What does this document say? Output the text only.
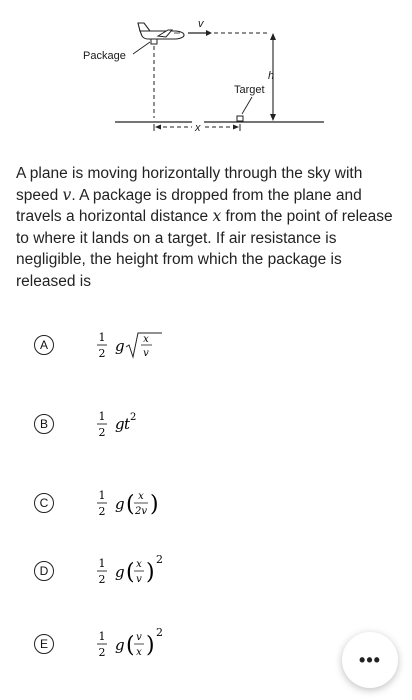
Package
v
h
Target
x
A plane is moving horizontally through the sky with speed v. A package is dropped from the plane and travels a horizontal distance x from the point of release to where it lands on a target. If air resistance is negligible, the height from which the package is released is
A
1
2 g x
v
B
1
2 g t 2
C
1
2 g ( x
2v )
D
1
2 g ( x
v )
2
E
1
2 g ( v
x )
2
•••
